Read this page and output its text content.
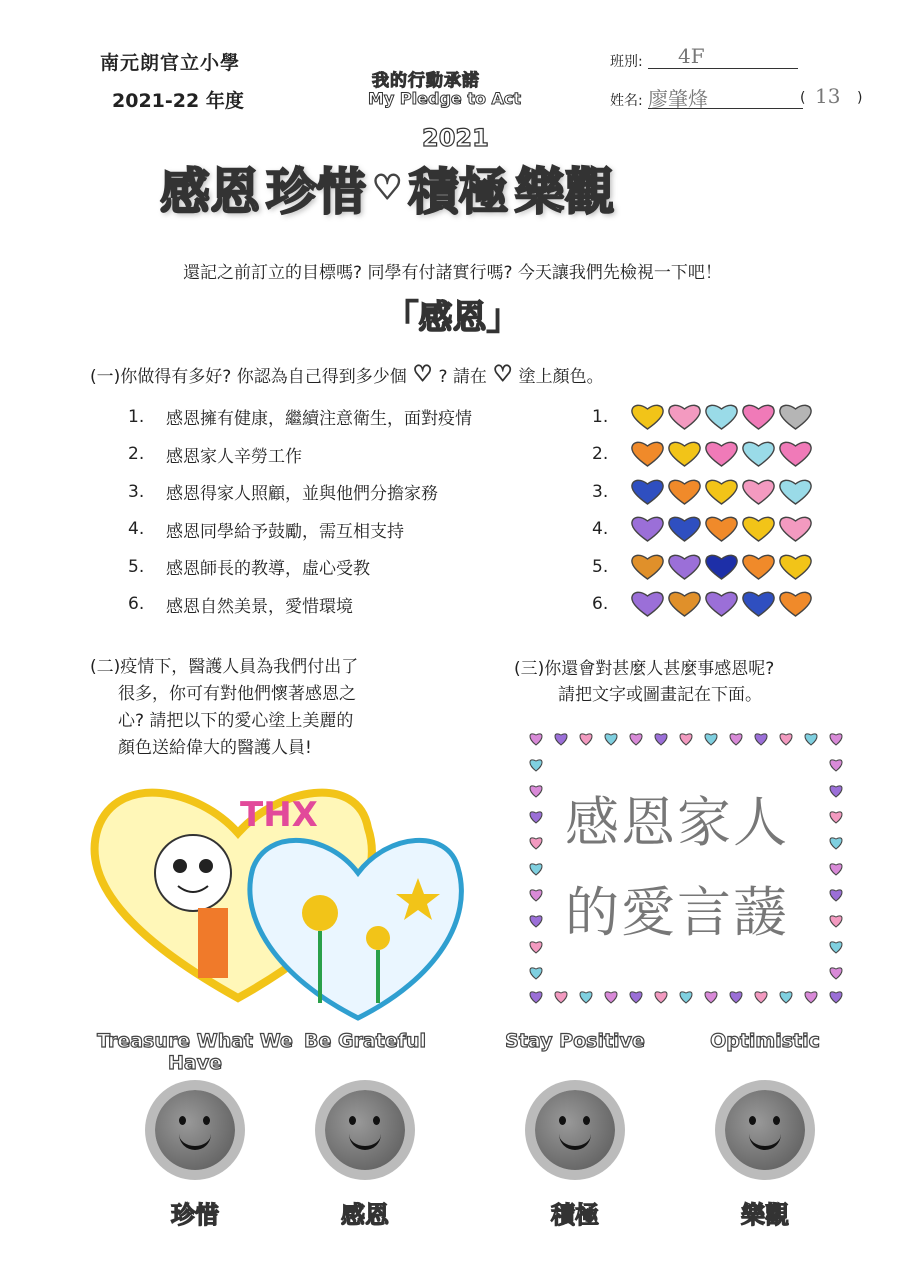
南元朗官立小學
2021-22 年度
我的行動承諾
My Pledge to Act
班別: 4F
姓名: 廖肇烽	( 13 )
2021
感恩 珍惜 ♡ 積極 樂觀
還記之前訂立的目標嗎? 同學有付諸實行嗎? 今天讓我們先檢視一下吧！
「感恩」
(一)你做得有多好? 你認為自己得到多少個 ♡ ? 請在 ♡ 塗上顏色。
1.	感恩擁有健康，繼續注意衛生，面對疫情
2.	感恩家人辛勞工作
3.	感恩得家人照顧，並與他們分擔家務
4.	感恩同學給予鼓勵，需互相支持
5.	感恩師長的教導，虛心受教
6.	感恩自然美景，愛惜環境
1.
2.
3.
4.
5.
6.
(二)疫情下，醫護人員為我們付出了
很多，你可有對他們懷著感恩之
心? 請把以下的愛心塗上美麗的
顏色送給偉大的醫護人員!
THX
(三)你還會對甚麼人甚麼事感恩呢?
請把文字或圖畫記在下面。
感恩家人
的愛言蘐
Treasure What We Have
珍惜
Be Grateful
感恩
Stay Positive
積極
Optimistic
樂觀
